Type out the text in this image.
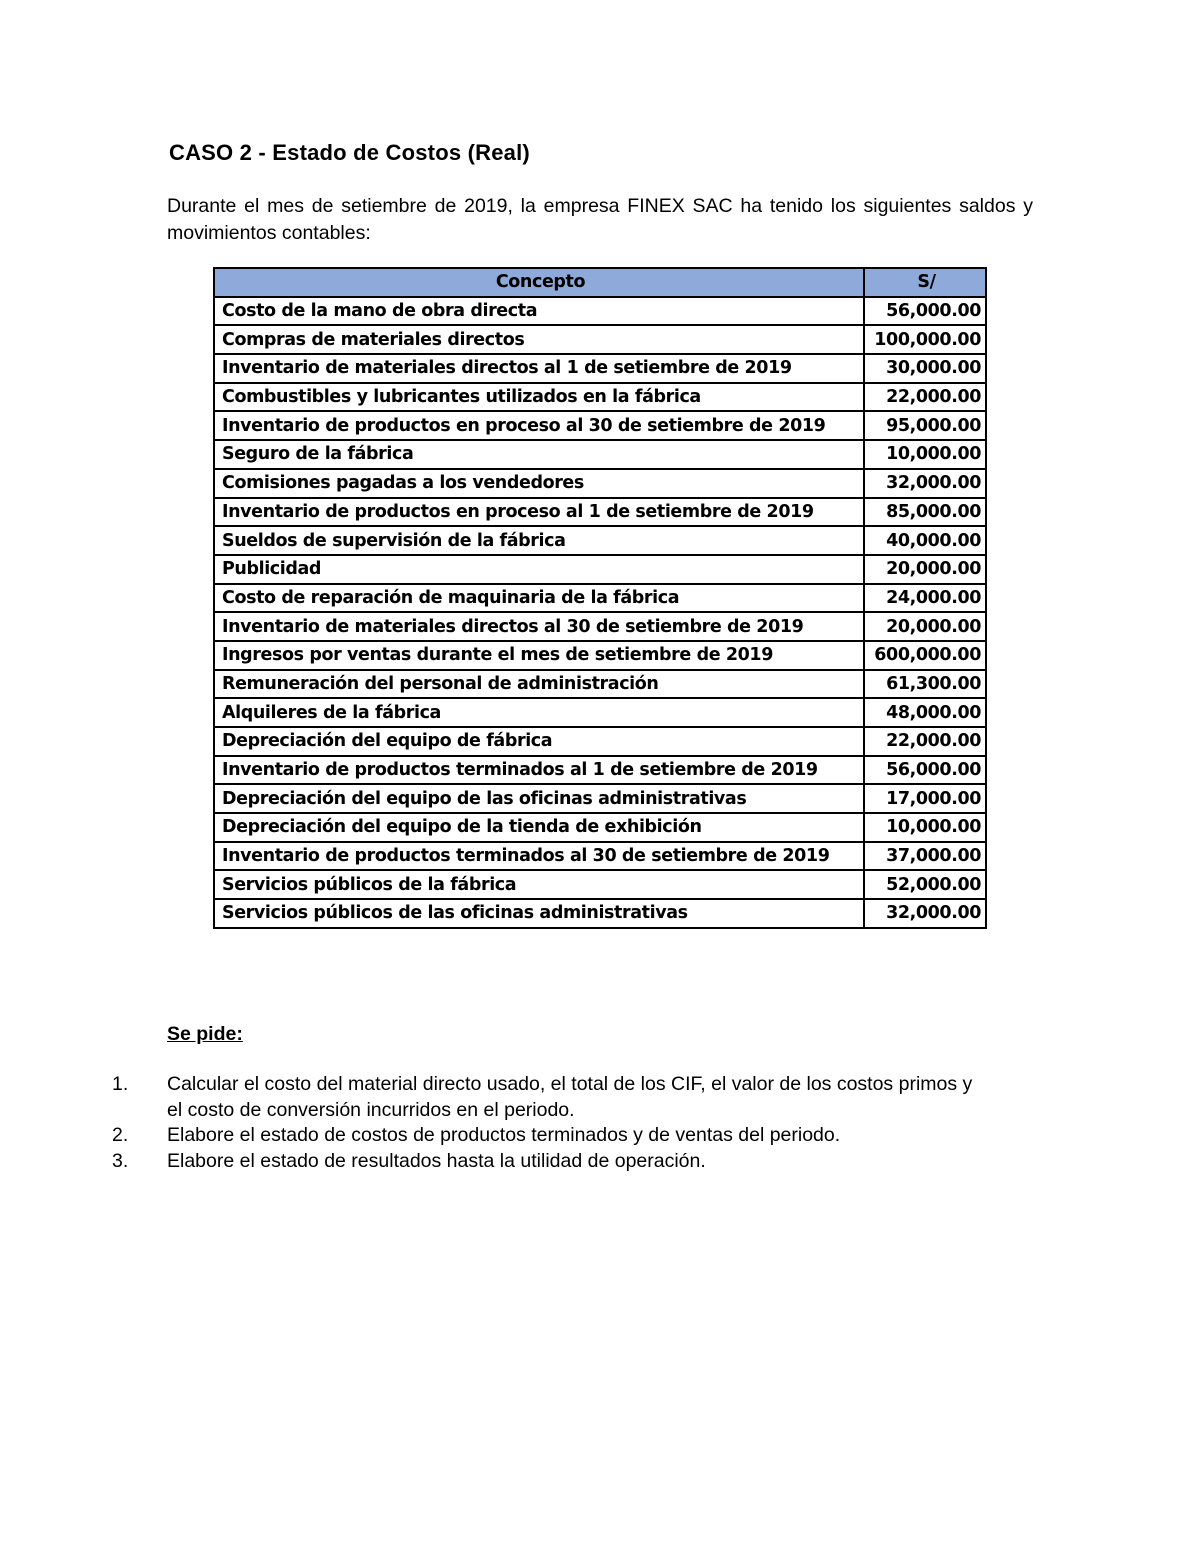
CASO 2 - Estado de Costos (Real)
Durante el mes de setiembre de 2019, la empresa FINEX SAC ha tenido los siguientes saldos y movimientos contables:
Concepto	S/
Costo de la mano de obra directa	56,000.00
Compras de materiales directos	100,000.00
Inventario de materiales directos al 1 de setiembre de 2019	30,000.00
Combustibles y lubricantes utilizados en la fábrica	22,000.00
Inventario de productos en proceso al 30 de setiembre de 2019	95,000.00
Seguro de la fábrica	10,000.00
Comisiones pagadas a los vendedores	32,000.00
Inventario de productos en proceso al 1 de setiembre de 2019	85,000.00
Sueldos de supervisión de la fábrica	40,000.00
Publicidad	20,000.00
Costo de reparación de maquinaria de la fábrica	24,000.00
Inventario de materiales directos al 30 de setiembre de 2019	20,000.00
Ingresos por ventas durante el mes de setiembre de 2019	600,000.00
Remuneración del personal de administración	61,300.00
Alquileres de la fábrica	48,000.00
Depreciación del equipo de fábrica	22,000.00
Inventario de productos terminados al 1 de setiembre de 2019	56,000.00
Depreciación del equipo de las oficinas administrativas	17,000.00
Depreciación del equipo de la tienda de exhibición	10,000.00
Inventario de productos terminados al 30 de setiembre de 2019	37,000.00
Servicios públicos de la fábrica	52,000.00
Servicios públicos de las oficinas administrativas	32,000.00
Se pide:
1.	Calcular el costo del material directo usado, el total de los CIF, el valor de los costos primos y el costo de conversión incurridos en el periodo.
2.	Elabore el estado de costos de productos terminados y de ventas del periodo.
3.	Elabore el estado de resultados hasta la utilidad de operación.
